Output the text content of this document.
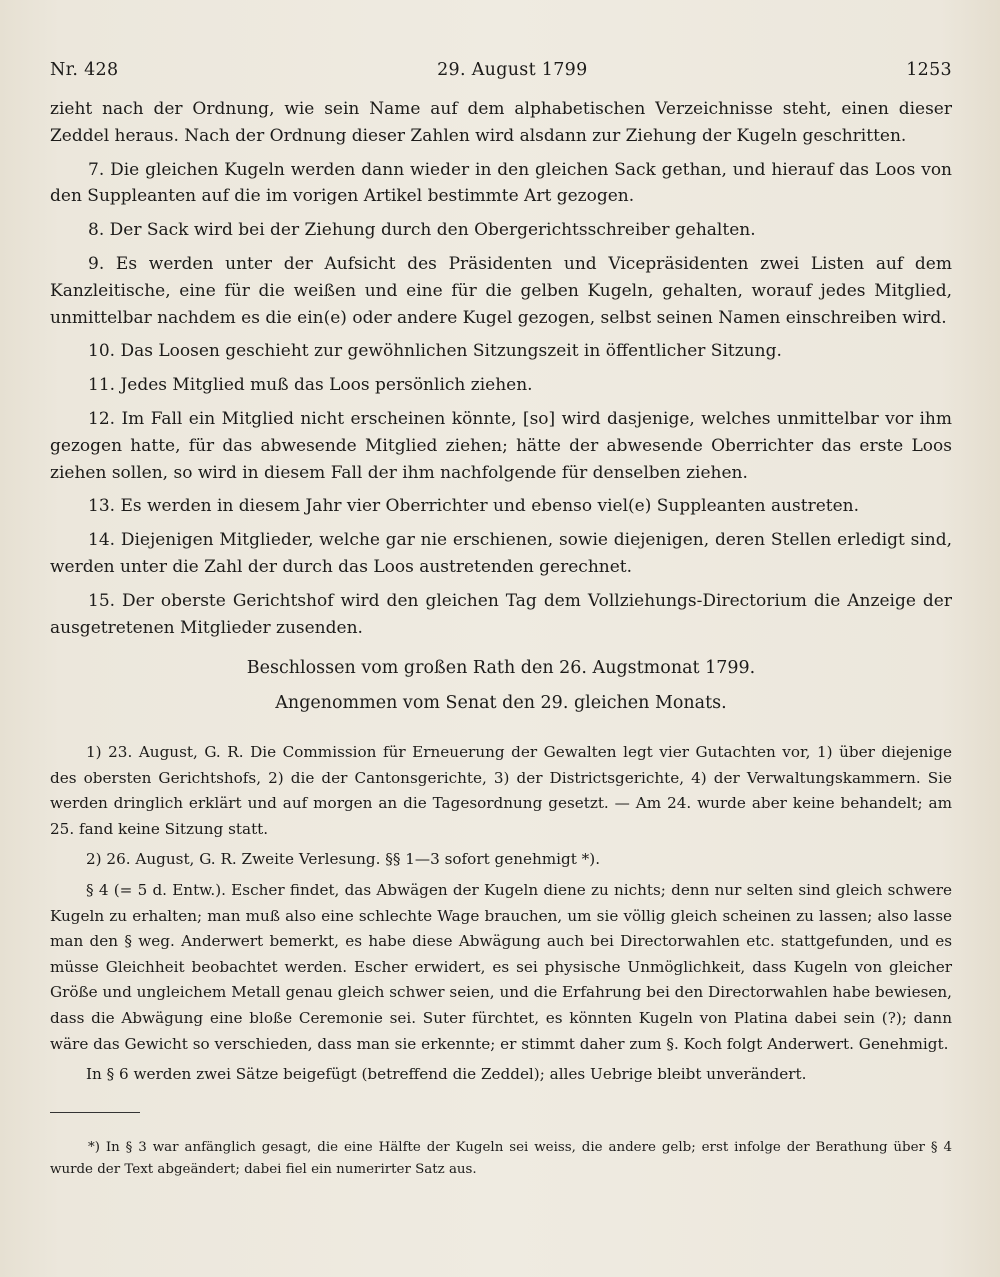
Nr. 428	29. August 1799	1253

zieht nach der Ordnung, wie sein Name auf dem alphabetischen Verzeichnisse steht, einen dieser Zeddel heraus. Nach der Ordnung dieser Zahlen wird alsdann zur Ziehung der Kugeln geschritten.

7. Die gleichen Kugeln werden dann wieder in den gleichen Sack gethan, und hierauf das Loos von den Suppleanten auf die im vorigen Artikel bestimmte Art gezogen.

8. Der Sack wird bei der Ziehung durch den Obergerichtsschreiber gehalten.

9. Es werden unter der Aufsicht des Präsidenten und Vicepräsidenten zwei Listen auf dem Kanzleitische, eine für die weißen und eine für die gelben Kugeln, gehalten, worauf jedes Mitglied, unmittelbar nachdem es die ein(e) oder andere Kugel gezogen, selbst seinen Namen einschreiben wird.

10. Das Loosen geschieht zur gewöhnlichen Sitzungszeit in öffentlicher Sitzung.

11. Jedes Mitglied muß das Loos persönlich ziehen.

12. Im Fall ein Mitglied nicht erscheinen könnte, [so] wird dasjenige, welches unmittelbar vor ihm gezogen hatte, für das abwesende Mitglied ziehen; hätte der abwesende Oberrichter das erste Loos ziehen sollen, so wird in diesem Fall der ihm nachfolgende für denselben ziehen.

13. Es werden in diesem Jahr vier Oberrichter und ebenso viel(e) Suppleanten austreten.

14. Diejenigen Mitglieder, welche gar nie erschienen, sowie diejenigen, deren Stellen erledigt sind, werden unter die Zahl der durch das Loos austretenden gerechnet.

15. Der oberste Gerichtshof wird den gleichen Tag dem Vollziehungs-Directorium die Anzeige der ausgetretenen Mitglieder zusenden.

Beschlossen vom großen Rath den 26. Augstmonat 1799.

Angenommen vom Senat den 29. gleichen Monats.

1) 23. August, G. R. Die Commission für Erneuerung der Gewalten legt vier Gutachten vor, 1) über diejenige des obersten Gerichtshofs, 2) die der Cantonsgerichte, 3) der Districtsgerichte, 4) der Verwaltungskammern. Sie werden dringlich erklärt und auf morgen an die Tagesordnung gesetzt. — Am 24. wurde aber keine behandelt; am 25. fand keine Sitzung statt.

2) 26. August, G. R. Zweite Verlesung. §§ 1—3 sofort genehmigt *).

§ 4 (= 5 d. Entw.). Escher findet, das Abwägen der Kugeln diene zu nichts; denn nur selten sind gleich schwere Kugeln zu erhalten; man muß also eine schlechte Wage brauchen, um sie völlig gleich scheinen zu lassen; also lasse man den § weg. Anderwert bemerkt, es habe diese Abwägung auch bei Directorwahlen etc. stattgefunden, und es müsse Gleichheit beobachtet werden. Escher erwidert, es sei physische Unmöglichkeit, dass Kugeln von gleicher Größe und ungleichem Metall genau gleich schwer seien, und die Erfahrung bei den Directorwahlen habe bewiesen, dass die Abwägung eine bloße Ceremonie sei. Suter fürchtet, es könnten Kugeln von Platina dabei sein (?); dann wäre das Gewicht so verschieden, dass man sie erkennte; er stimmt daher zum §. Koch folgt Anderwert. Genehmigt.

In § 6 werden zwei Sätze beigefügt (betreffend die Zeddel); alles Uebrige bleibt unverändert.

*) In § 3 war anfänglich gesagt, die eine Hälfte der Kugeln sei weiss, die andere gelb; erst infolge der Berathung über § 4 wurde der Text abgeändert; dabei fiel ein numerirter Satz aus.
